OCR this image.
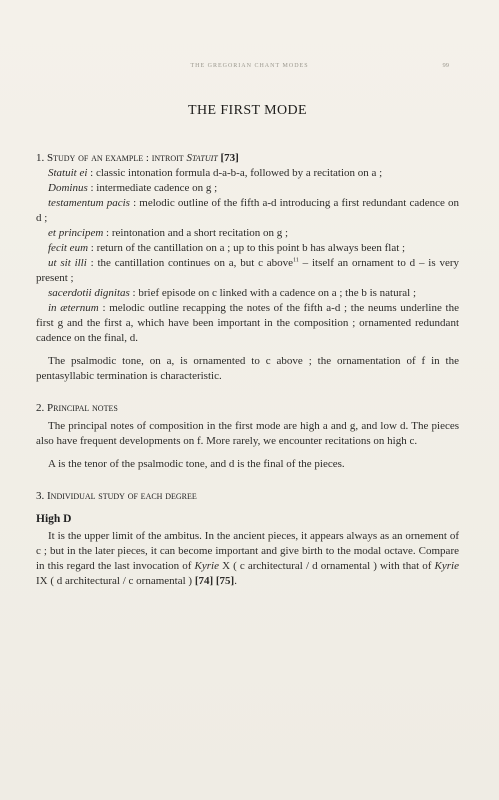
THE GREGORIAN CHANT MODES	99
THE FIRST MODE
1. Study of an example : introit Statuit [73]

Statuit ei : classic intonation formula d-a-b-a, followed by a recitation on a ;

Dominus : intermediate cadence on g ;

testamentum pacis : melodic outline of the fifth a-d introducing a first redundant cadence on d ;

et principem : reintonation and a short recitation on g ;

fecit eum : return of the cantillation on a ; up to this point b has always been flat ;

ut sit illi : the cantillation continues on a, but c above$^{11}$ – itself an ornament to d – is very present ;

sacerdotii dignitas : brief episode on c linked with a cadence on a ; the b is natural ;

in æternum : melodic outline recapping the notes of the fifth a-d ; the neums underline the first g and the first a, which have been important in the composition ; ornamented redundant cadence on the final, d.

The psalmodic tone, on a, is ornamented to c above ; the ornamentation of f in the pentasyllabic termination is characteristic.

2. Principal notes

The principal notes of composition in the first mode are high a and g, and low d. The pieces also have frequent developments on f. More rarely, we encounter recitations on high c.

A is the tenor of the psalmodic tone, and d is the final of the pieces.

3. Individual study of each degree
High D

It is the upper limit of the ambitus. In the ancient pieces, it appears always as an ornement of c ; but in the later pieces, it can become important and give birth to the modal octave. Compare in this regard the last invocation of Kyrie X ( c architectural / d ornamental ) with that of Kyrie IX ( d architectural / c ornamental ) [74] [75].
